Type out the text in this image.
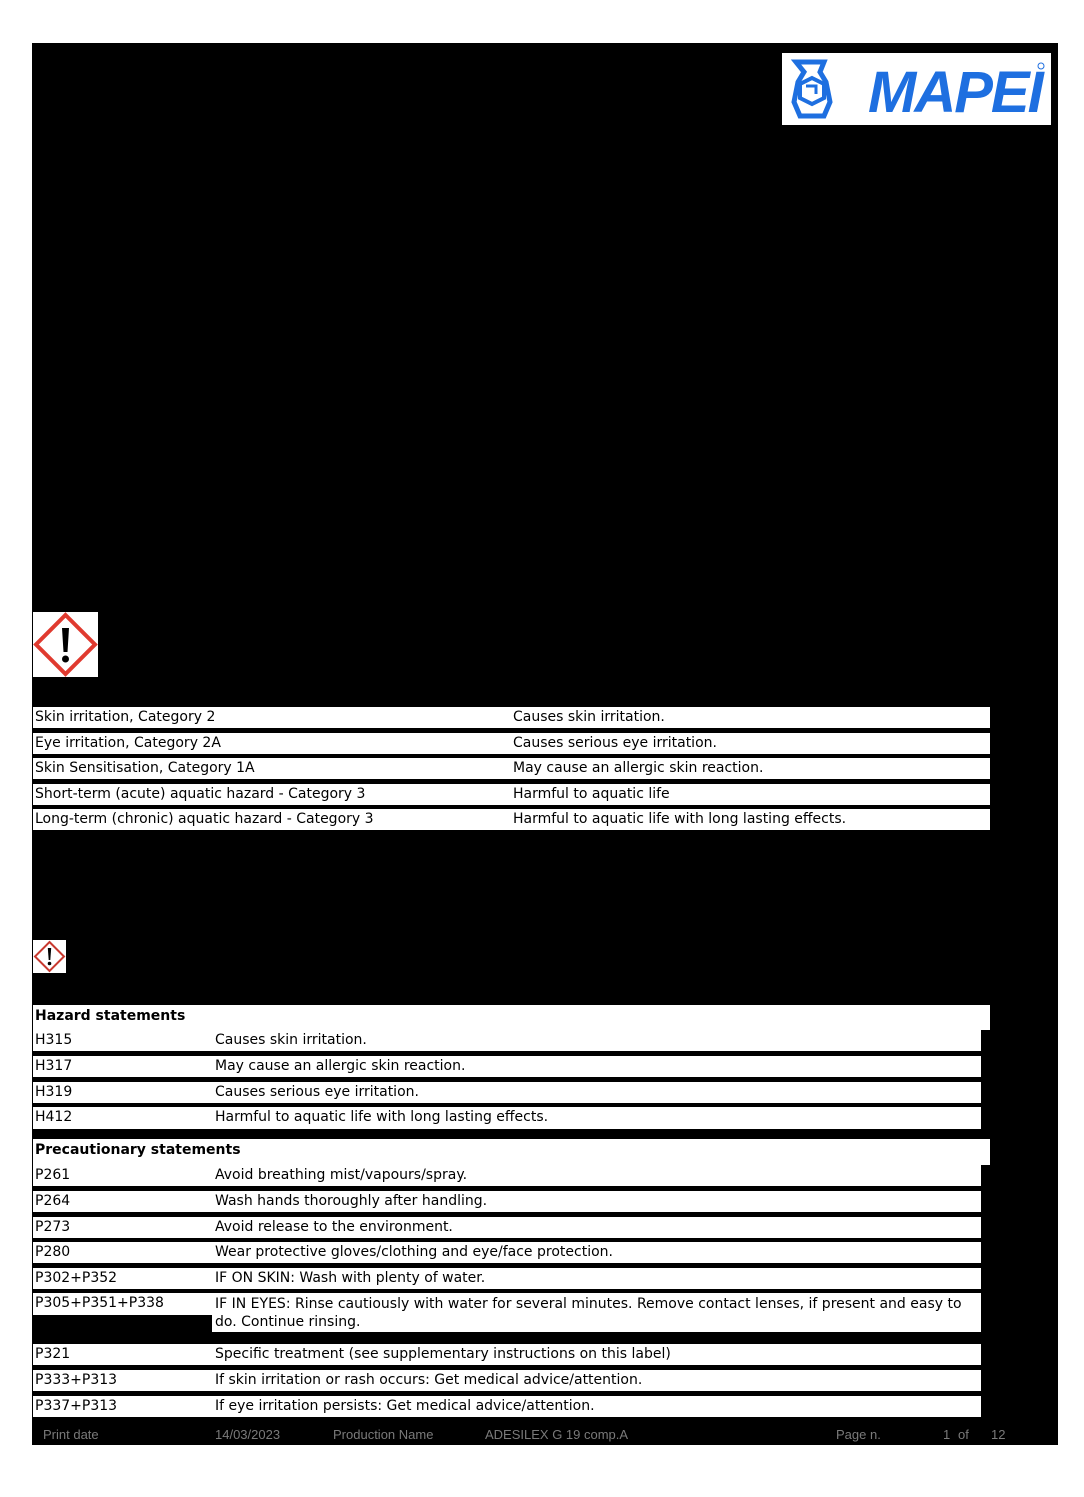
MAPEI
Skin irritation, Category 2	Causes skin irritation.
Eye irritation, Category 2A	Causes serious eye irritation.
Skin Sensitisation, Category 1A	May cause an allergic skin reaction.
Short-term (acute) aquatic hazard - Category 3	Harmful to aquatic life
Long-term (chronic) aquatic hazard - Category 3	Harmful to aquatic life with long lasting effects.
Hazard statements
H315	Causes skin irritation.
H317	May cause an allergic skin reaction.
H319	Causes serious eye irritation.
H412	Harmful to aquatic life with long lasting effects.
Precautionary statements
P261	Avoid breathing mist/vapours/spray.
P264	Wash hands thoroughly after handling.
P273	Avoid release to the environment.
P280	Wear protective gloves/clothing and eye/face protection.
P302+P352	IF ON SKIN: Wash with plenty of water.
P305+P351+P338	IF IN EYES: Rinse cautiously with water for several minutes. Remove contact lenses, if present and easy to do. Continue rinsing.
P321	Specific treatment (see supplementary instructions on this label)
P333+P313	If skin irritation or rash occurs: Get medical advice/attention.
P337+P313	If eye irritation persists: Get medical advice/attention.
Print date	14/03/2023	Production Name	ADESILEX G 19 comp.A	Page n.	1 of 12
